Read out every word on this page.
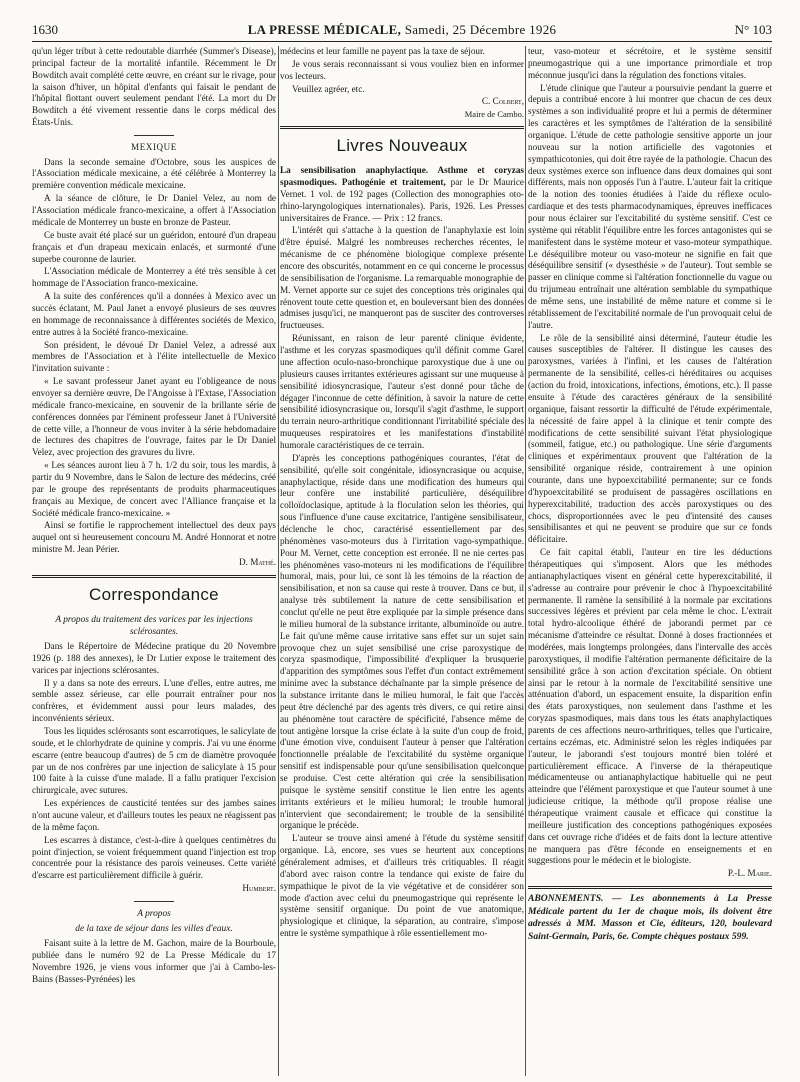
1630	LA PRESSE MÉDICALE, Samedi, 25 Décembre 1926	N° 103

qu'un léger tribut à cette redoutable diarrhée (Summer's Disease), principal facteur de la mortalité infantile. Récemment le Dr Bowditch avait complété cette œuvre, en créant sur le rivage, pour la saison d'hiver, un hôpital d'enfants qui faisait le pendant de l'hôpital flottant ouvert seulement pendant l'été. La mort du Dr Bowditch a été vivement ressentie dans le corps médical des États-Unis.

MEXIQUE

Dans la seconde semaine d'Octobre, sous les auspices de l'Association médicale mexicaine, a été célébrée à Monterrey la première convention médicale mexicaine.

A la séance de clôture, le Dr Daniel Velez, au nom de l'Association médicale franco-mexicaine, a offert à l'Association médicale de Monterrey un buste en bronze de Pasteur.

Ce buste avait été placé sur un guéridon, entouré d'un drapeau français et d'un drapeau mexicain enlacés, et surmonté d'une superbe couronne de laurier.

L'Association médicale de Monterrey a été très sensible à cet hommage de l'Association franco-mexicaine.

A la suite des conférences qu'il a données à Mexico avec un succès éclatant, M. Paul Janet a envoyé plusieurs de ses œuvres en hommage de reconnaissance à différentes sociétés de Mexico, entre autres à la Société franco-mexicaine.

Son président, le dévoué Dr Daniel Velez, a adressé aux membres de l'Association et à l'élite intellectuelle de Mexico l'invitation suivante :

« Le savant professeur Janet ayant eu l'obligeance de nous envoyer sa dernière œuvre, De l'Angoisse à l'Extase, l'Association médicale franco-mexicaine, en souvenir de la brillante série de conférences données par l'éminent professeur Janet à l'Université de cette ville, a l'honneur de vous inviter à la série hebdomadaire de lectures des chapitres de l'ouvrage, faites par le Dr Daniel Velez, avec projection des gravures du livre.

« Les séances auront lieu à 7 h. 1/2 du soir, tous les mardis, à partir du 9 Novembre, dans le Salon de lecture des médecins, créé par le groupe des représentants de produits pharmaceutiques français au Mexique, de concert avec l'Alliance française et la Société médicale franco-mexicaine. »

Ainsi se fortifie le rapprochement intellectuel des deux pays auquel ont si heureusement concouru M. André Honnorat et notre ministre M. Jean Périer.

D. Mathé.

Correspondance

A propos du traitement des varices par les injections sclérosantes.

Dans le Répertoire de Médecine pratique du 20 Novembre 1926 (p. 188 des annexes), le Dr Lutier expose le traitement des varices par injections sclérosantes.

Il y a dans sa note des erreurs. L'une d'elles, entre autres, me semble assez sérieuse, car elle pourrait entraîner pour nos confrères, et évidemment aussi pour leurs malades, des inconvénients sérieux.

Tous les liquides sclérosants sont escarrotiques, le salicylate de soude, et le chlorhydrate de quinine y compris. J'ai vu une énorme escarre (entre beaucoup d'autres) de 5 cm de diamètre provoquée par un de nos confrères par une injection de salicylate à 15 pour 100 faite à la cuisse d'une malade. Il a fallu pratiquer l'excision chirurgicale, avec sutures.

Les expériences de causticité tentées sur des jambes saines n'ont aucune valeur, et d'ailleurs toutes les peaux ne réagissent pas de la même façon.

Les escarres à distance, c'est-à-dire à quelques centimètres du point d'injection, se voient fréquemment quand l'injection est trop concentrée pour la résistance des parois veineuses. Cette variété d'escarre est particulièrement difficile à guérir.

Humbert.

A propos

de la taxe de séjour dans les villes d'eaux.

Faisant suite à la lettre de M. Gachon, maire de la Bourboule, publiée dans le numéro 92 de La Presse Médicale du 17 Novembre 1926, je viens vous informer que j'ai à Cambo-les-Bains (Basses-Pyrénées) les

médecins et leur famille ne payent pas la taxe de séjour.

Je vous serais reconnaissant si vous vouliez bien en informer vos lecteurs.

Veuillez agréer, etc.

C. Colbert,

Maire de Cambo.

Livres Nouveaux

La sensibilisation anaphylactique. Asthme et coryzas spasmodiques. Pathogénie et traitement, par le Dr Maurice Vernet. 1 vol. de 192 pages (Collection des monographies oto-rhino-laryngologiques internationales). Paris, 1926. Les Presses universitaires de France. — Prix : 12 francs.

L'intérêt qui s'attache à la question de l'anaphylaxie est loin d'être épuisé. Malgré les nombreuses recherches récentes, le mécanisme de ce phénomène biologique complexe présente encore des obscurités, notamment en ce qui concerne le processus de sensibilisation de l'organisme. La remarquable monographie de M. Vernet apporte sur ce sujet des conceptions très originales qui rénovent toute cette question et, en bouleversant bien des données admises jusqu'ici, ne manqueront pas de susciter des controverses fructueuses.

Réunissant, en raison de leur parenté clinique évidente, l'asthme et les coryzas spasmodiques qu'il définit comme Garel une affection oculo-naso-bronchique paroxystique due à une ou plusieurs causes irritantes extérieures agissant sur une muqueuse à sensibilité idiosyncrasique, l'auteur s'est donné pour tâche de dégager l'inconnue de cette définition, à savoir la nature de cette sensibilité idiosyncrasique ou, lorsqu'il s'agit d'asthme, le support du terrain neuro-arthritique conditionnant l'irritabilité spéciale des muqueuses respiratoires et les manifestations d'instabilité humorale caractéristiques de ce terrain.

D'après les conceptions pathogéniques courantes, l'état de sensibilité, qu'elle soit congénitale, idiosyncrasique ou acquise, anaphylactique, réside dans une modification des humeurs qui leur confère une instabilité particulière, déséquilibre colloïdoclasique, aptitude à la floculation selon les théories, qui sous l'influence d'une cause excitatrice, l'antigène sensibilisateur, déclenche le choc, caractérisé essentiellement par des phénomènes vaso-moteurs dus à l'irritation vago-sympathique. Pour M. Vernet, cette conception est erronée. Il ne nie certes pas les phénomènes vaso-moteurs ni les modifications de l'équilibre humoral, mais, pour lui, ce sont là les témoins de la réaction de sensibilisation, et non sa cause qui reste à trouver. Dans ce but, il analyse très subtilement la nature de cette sensibilisation et conclut qu'elle ne peut être expliquée par la simple présence dans le milieu humoral de la substance irritante, albuminoïde ou autre. Le fait qu'une même cause irritative sans effet sur un sujet sain provoque chez un sujet sensibilisé une crise paroxystique de coryza spasmodique, l'impossibilité d'expliquer la brusquerie d'apparition des symptômes sous l'effet d'un contact extrêmement minime avec la substance déchaînante par la simple présence de la substance irritante dans le milieu humoral, le fait que l'accès peut être déclenché par des agents très divers, ce qui retire ainsi au phénomène tout caractère de spécificité, l'absence même de tout antigène lorsque la crise éclate à la suite d'un coup de froid, d'une émotion vive, conduisent l'auteur à penser que l'altération fonctionnelle préalable de l'excitabilité du système organique sensitif est indispensable pour qu'une sensibilisation quelconque se produise. C'est cette altération qui crée la sensibilisation puisque le système sensitif constitue le lien entre les agents irritants extérieurs et le milieu humoral; le trouble humoral n'intervient que secondairement; le trouble de la sensibilité organique le précède.

L'auteur se trouve ainsi amené à l'étude du système sensitif organique. Là, encore, ses vues se heurtent aux conceptions généralement admises, et d'ailleurs très critiquables. Il réagit d'abord avec raison contre la tendance qui existe de faire du sympathique le pivot de la vie végétative et de considérer son mode d'action avec celui du pneumogastrique qui représente le système sensitif organique. Du point de vue anatomique, physiologique et clinique, la séparation, au contraire, s'impose entre le système sympathique à rôle essentiellement mo-

teur, vaso-moteur et sécrétoire, et le système sensitif pneumogastrique qui a une importance primordiale et trop méconnue jusqu'ici dans la régulation des fonctions vitales.

L'étude clinique que l'auteur a poursuivie pendant la guerre et depuis a contribué encore à lui montrer que chacun de ces deux systèmes a son individualité propre et lui a permis de déterminer les caractères et les symptômes de l'altération de la sensibilité organique. L'étude de cette pathologie sensitive apporte un jour nouveau sur la notion artificielle des vagotonies et sympathicotonies, qui doit être rayée de la pathologie. Chacun des deux systèmes exerce son influence dans deux domaines qui sont différents, mais non opposés l'un à l'autre. L'auteur fait la critique de la notion des toonies étudiées à l'aide du réflexe oculo-cardiaque et des tests pharmacodynamiques, épreuves inefficaces pour nous éclairer sur l'excitabilité du système sensitif. C'est ce système qui rétablit l'équilibre entre les forces antagonistes qui se manifestent dans le système moteur et vaso-moteur sympathique. Le déséquilibre moteur ou vaso-moteur ne signifie en fait que déséquilibre sensitif (« dysesthésie » de l'auteur). Tout semble se passer en clinique comme si l'altération fonctionnelle du vague ou du trijumeau entraînait une altération semblable du sympathique de même sens, une instabilité de même nature et comme si le rétablissement de l'excitabilité normale de l'un provoquait celui de l'autre.

Le rôle de la sensibilité ainsi déterminé, l'auteur étudie les causes susceptibles de l'altérer. Il distingue les causes des paroxysmes, variées à l'infini, et les causes de l'altération permanente de la sensibilité, celles-ci héréditaires ou acquises (action du froid, intoxications, infections, émotions, etc.). Il passe ensuite à l'étude des caractères généraux de la sensibilité organique, faisant ressortir la difficulté de l'étude expérimentale, la nécessité de faire appel à la clinique et tenir compte des modifications de cette sensibilité suivant l'état physiologique (sommeil, fatigue, etc.) ou pathologique. Une série d'arguments cliniques et expérimentaux prouvent que l'altération de la sensibilité organique réside, contrairement à une opinion courante, dans une hypoexcitabilité permanente; sur ce fonds d'hypoexcitabilité se produisent de passagères oscillations en hyperexcitabilité, traduction des accès paroxystiques ou des chocs, disproportionnées avec le peu d'intensité des causes sensibilisantes et qui ne peuvent se produire que sur ce fonds déficitaire.

Ce fait capital établi, l'auteur en tire les déductions thérapeutiques qui s'imposent. Alors que les méthodes antianaphylactiques visent en général cette hyperexcitabilité, il s'adresse au contraire pour prévenir le choc à l'hypoexcitabilité permanente. Il ramène la sensibilité à la normale par excitations successives légères et prévient par cela même le choc. L'extrait total hydro-alcoolique éthéré de jaborandi permet par ce mécanisme d'atteindre ce résultat. Donné à doses fractionnées et modérées, mais longtemps prolongées, dans l'intervalle des accès paroxystiques, il modifie l'altération permanente déficitaire de la sensibilité grâce à son action d'excitation spéciale. On obtient ainsi par le retour à la normale de l'excitabilité sensitive une atténuation d'abord, un espacement ensuite, la disparition enfin des états paroxystiques, non seulement dans l'asthme et les coryzas spasmodiques, mais dans tous les états anaphylactiques parents de ces affections neuro-arthritiques, telles que l'urticaire, certains eczémas, etc. Administré selon les règles indiquées par l'auteur, le jaborandi s'est toujours montré bien toléré et particulièrement efficace. A l'inverse de la thérapeutique médicamenteuse ou antianaphylactique habituelle qui ne peut atteindre que l'élément paroxystique et que l'auteur soumet à une judicieuse critique, la méthode qu'il propose réalise une thérapeutique vraiment causale et efficace qui constitue la meilleure justification des conceptions pathogéniques exposées dans cet ouvrage riche d'idées et de faits dont la lecture attentive ne manquera pas d'être féconde en enseignements et en suggestions pour le médecin et le biologiste.

P.-L. Marie.

ABONNEMENTS. — Les abonnements à La Presse Médicale partent du 1er de chaque mois, ils doivent être adressés à MM. Masson et Cie, éditeurs, 120, boulevard Saint-Germain, Paris, 6e. Compte chèques postaux 599.
